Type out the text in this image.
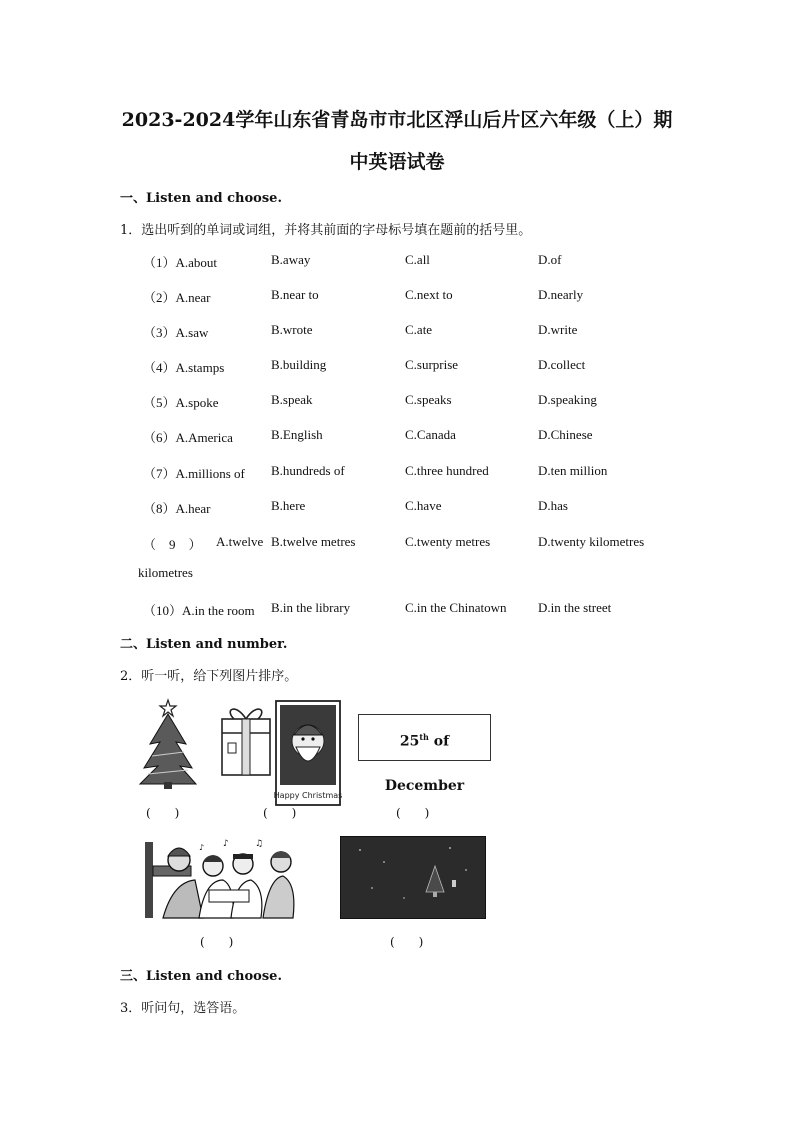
2023-2024学年山东省青岛市市北区浮山后片区六年级（上）期
中英语试卷
一、Listen and choose.
1．选出听到的单词或词组，并将其前面的字母标号填在题前的括号里。
（1）A.about	B.away	C.all	D.of
（2）A.near	B.near to	C.next to	D.nearly
（3）A.saw	B.wrote	C.ate	D.write
（4）A.stamps	B.building	C.surprise	D.collect
（5）A.spoke	B.speak	C.speaks	D.speaking
（6）A.America	B.English	C.Canada	D.Chinese
（7）A.millions of B.hundreds of	C.three hundred	D.ten million
（8）A.hear	B.here	C.have	D.has
（　9　） A.twelve B.twelve metres	C.twenty metres	D.twenty kilometres
kilometres
（10）A.in the room B.in the library	C.in the Chinatown D.in the street
二、Listen and number.
2．听一听，给下列图片排序。
Happy Christmas
25th of December
(　　)	(　　)	(　　)
♪	♫
♪
(　　)	(　　)
三、Listen and choose.
3．听问句，选答语。
